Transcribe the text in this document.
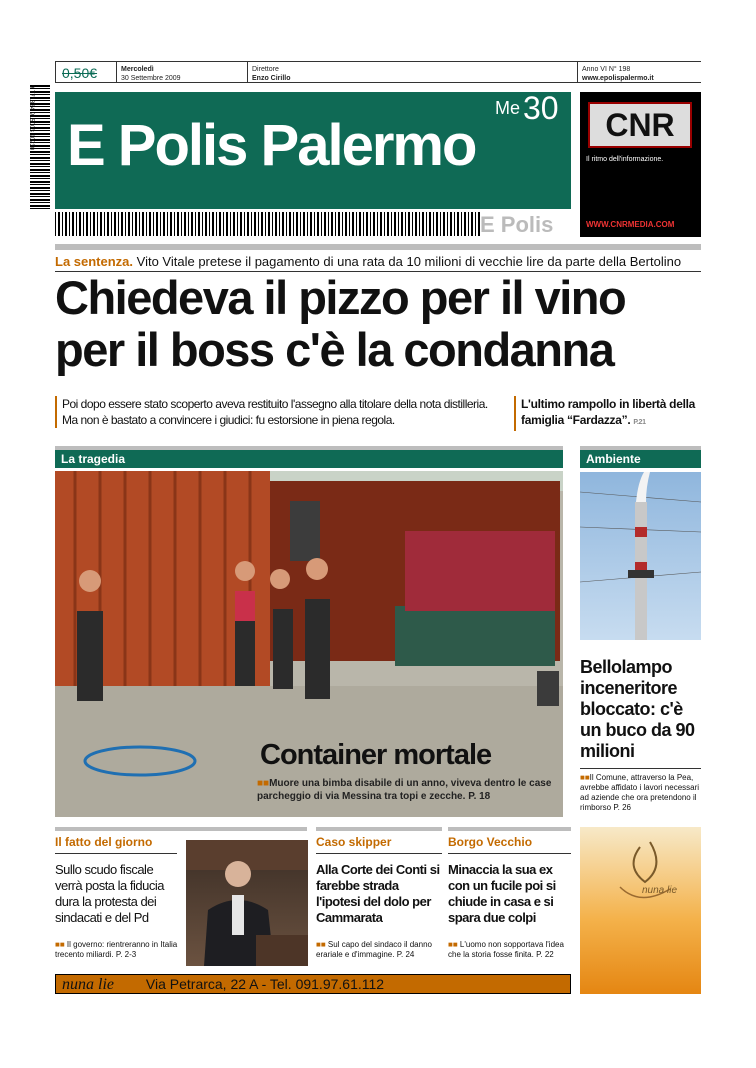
0,50€	Mercoledì
30 Settembre 2009
Direttore
Enzo Cirillo
Anno VI N° 198
www.epolispalermo.it
9 771824 915003 90930 E Polis Palermo
Me 30
E Polis
CNR
Il ritmo dell'informazione.
WWW.CNRMEDIA.COM
La sentenza. Vito Vitale pretese il pagamento di una rata da 10 milioni di vecchie lire da parte della Bertolino
Chiedeva il pizzo per il vino
per il boss c'è la condanna
Poi dopo essere stato scoperto aveva restituito l'assegno alla titolare della nota distilleria. Ma non è bastato a convincere i giudici: fu estorsione in piena regola.
L'ultimo rampollo in libertà della famiglia “Fardazza”. P.21
La tragedia	Ambiente
Container mortale
■■Muore una bimba disabile di un anno, viveva dentro le case parcheggio di via Messina tra topi e zecche. P. 18
Bellolampo inceneritore bloccato: c'è un buco da 90 milioni
■■Il Comune, attraverso la Pea, avrebbe affidato i lavori necessari ad aziende che ora pretendono il rimborso P. 26
Il fatto del giorno
Sullo scudo fiscale verrà posta la fiducia dura la protesta dei sindacati e del Pd
■■ Il governo: rientreranno in Italia trecento miliardi. P. 2-3
Caso skipper
Alla Corte dei Conti si farebbe strada l'ipotesi del dolo per Cammarata
■■ Sul capo del sindaco il danno erariale e d'immagine. P. 24
Borgo Vecchio
Minaccia la sua ex con un fucile poi si chiude in casa e si spara due colpi
■■ L'uomo non sopportava l'idea che la storia fosse finita. P. 22
nuna lie
nuna lie Via Petrarca, 22 A - Tel. 091.97.61.112
